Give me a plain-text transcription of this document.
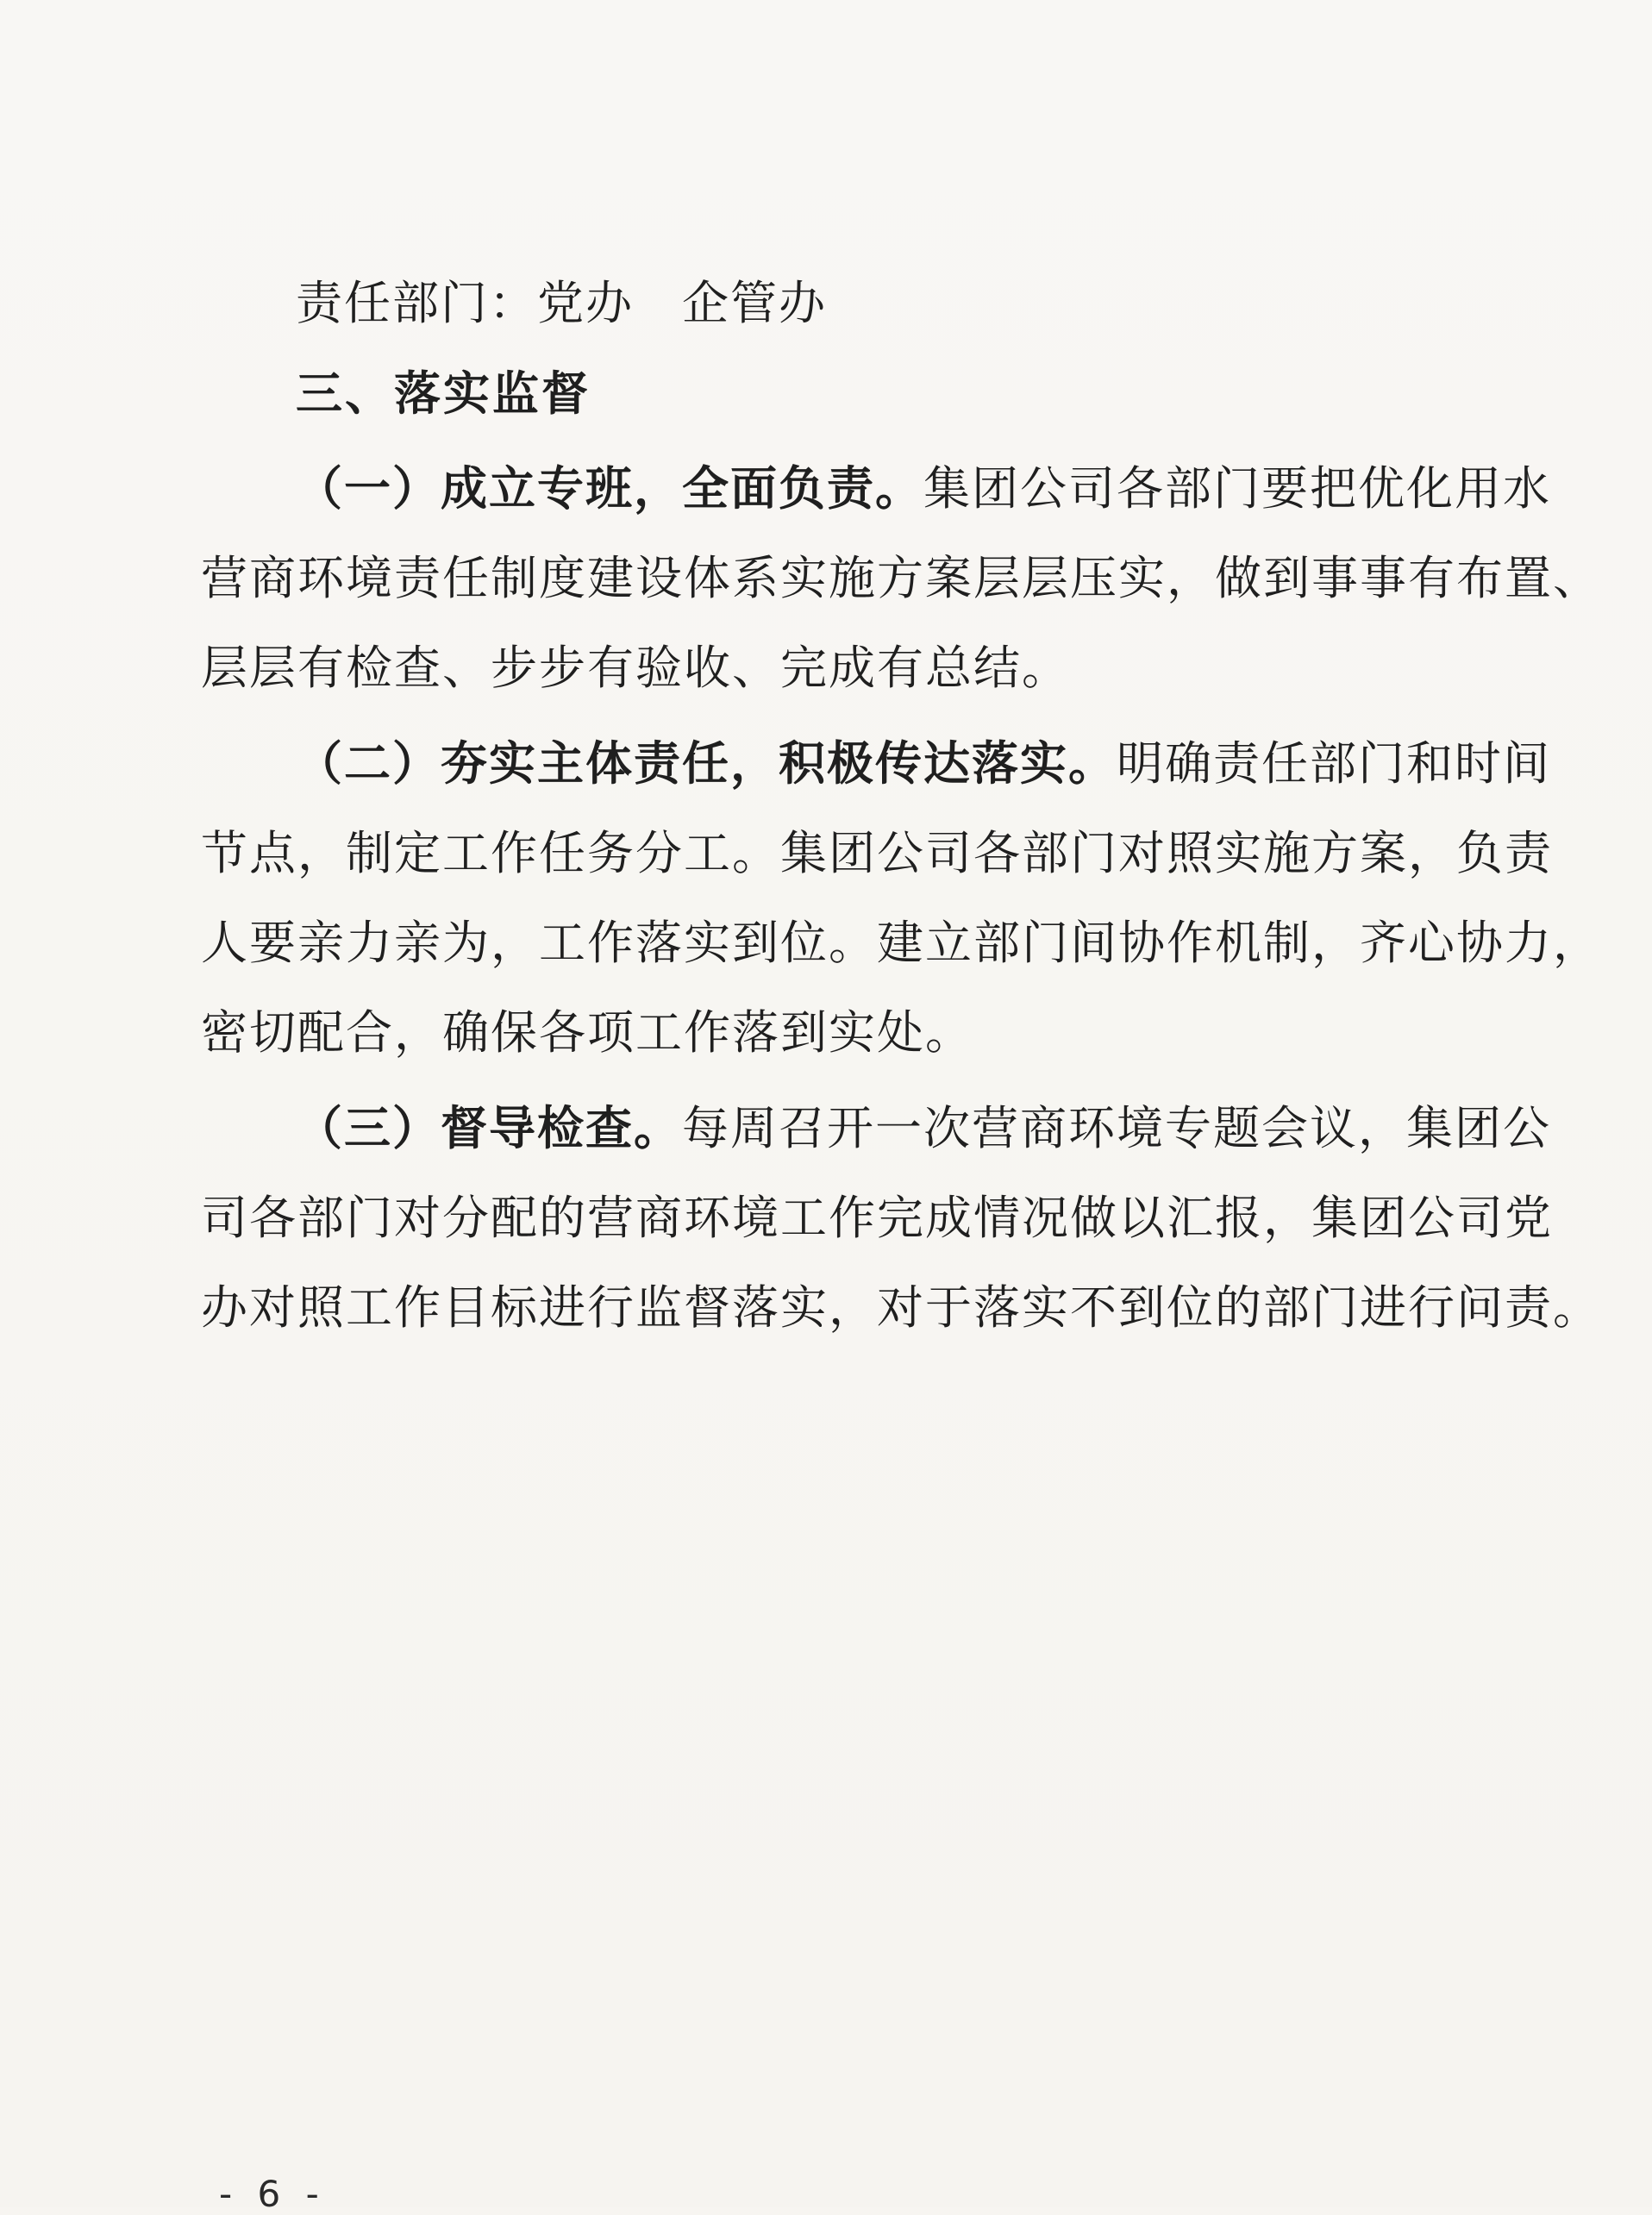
责任部门：党办　企管办
三、落实监督
（一）成立专班，全面负责。集团公司各部门要把优化用水
营商环境责任制度建设体系实施方案层层压实，做到事事有布置、
层层有检查、步步有验收、完成有总结。
（二）夯实主体责任，积极传达落实。明确责任部门和时间
节点，制定工作任务分工。集团公司各部门对照实施方案，负责
人要亲力亲为，工作落实到位。建立部门间协作机制，齐心协力，
密切配合，确保各项工作落到实处。
（三）督导检查。每周召开一次营商环境专题会议，集团公
司各部门对分配的营商环境工作完成情况做以汇报，集团公司党
办对照工作目标进行监督落实，对于落实不到位的部门进行问责。
- 6 -
